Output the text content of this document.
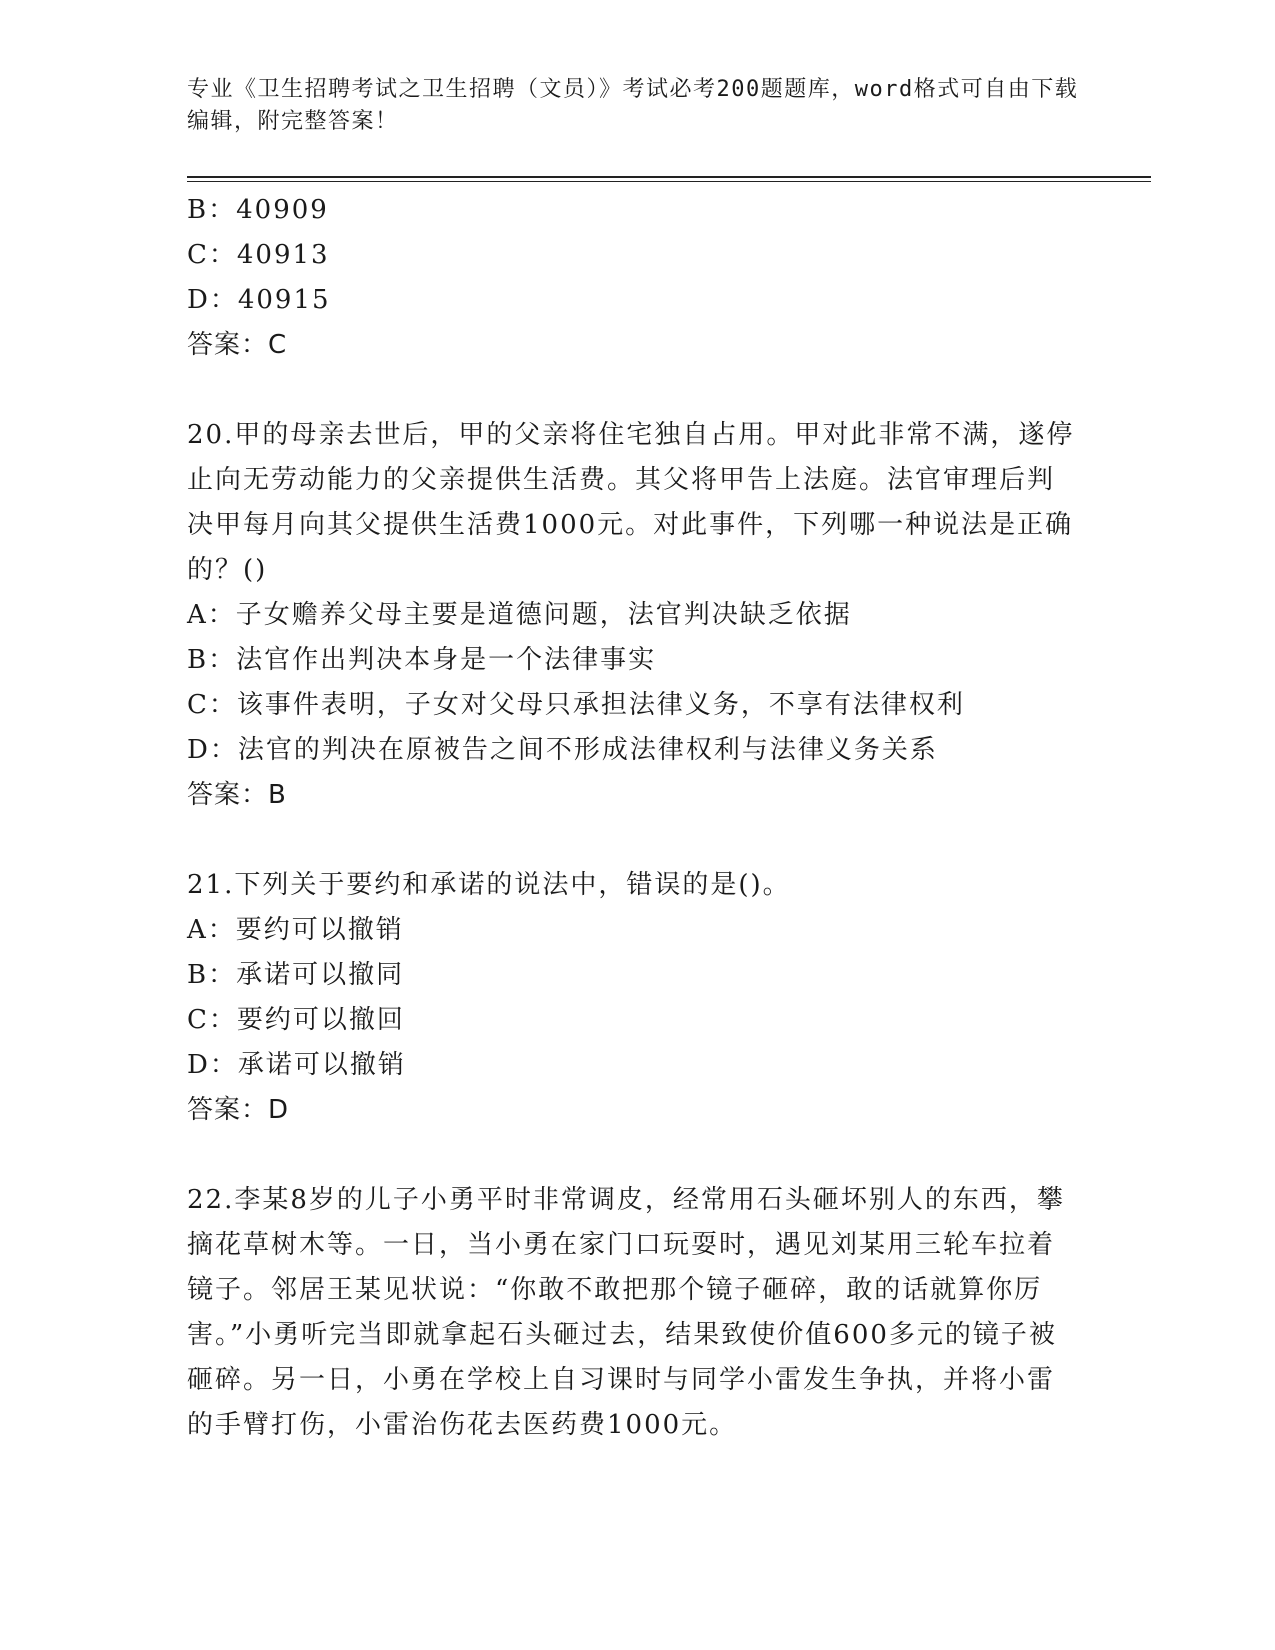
专业《卫生招聘考试之卫生招聘（文员）》考试必考200题题库，word格式可自由下载编辑，附完整答案！
B：40909
C：40913
D：40915
答案：C
20.甲的母亲去世后，甲的父亲将住宅独自占用。甲对此非常不满，遂停止向无劳动能力的父亲提供生活费。其父将甲告上法庭。法官审理后判决甲每月向其父提供生活费1000元。对此事件，下列哪一种说法是正确的？()
A：子女赡养父母主要是道德问题，法官判决缺乏依据
B：法官作出判决本身是一个法律事实
C：该事件表明，子女对父母只承担法律义务，不享有法律权利
D：法官的判决在原被告之间不形成法律权利与法律义务关系
答案：B
21.下列关于要约和承诺的说法中，错误的是()。
A：要约可以撤销
B：承诺可以撤同
C：要约可以撤回
D：承诺可以撤销
答案：D
22.李某8岁的儿子小勇平时非常调皮，经常用石头砸坏别人的东西，攀摘花草树木等。一日，当小勇在家门口玩耍时，遇见刘某用三轮车拉着镜子。邻居王某见状说：“你敢不敢把那个镜子砸碎，敢的话就算你厉害。”小勇听完当即就拿起石头砸过去，结果致使价值600多元的镜子被砸碎。另一日，小勇在学校上自习课时与同学小雷发生争执，并将小雷的手臂打伤，小雷治伤花去医药费1000元。
